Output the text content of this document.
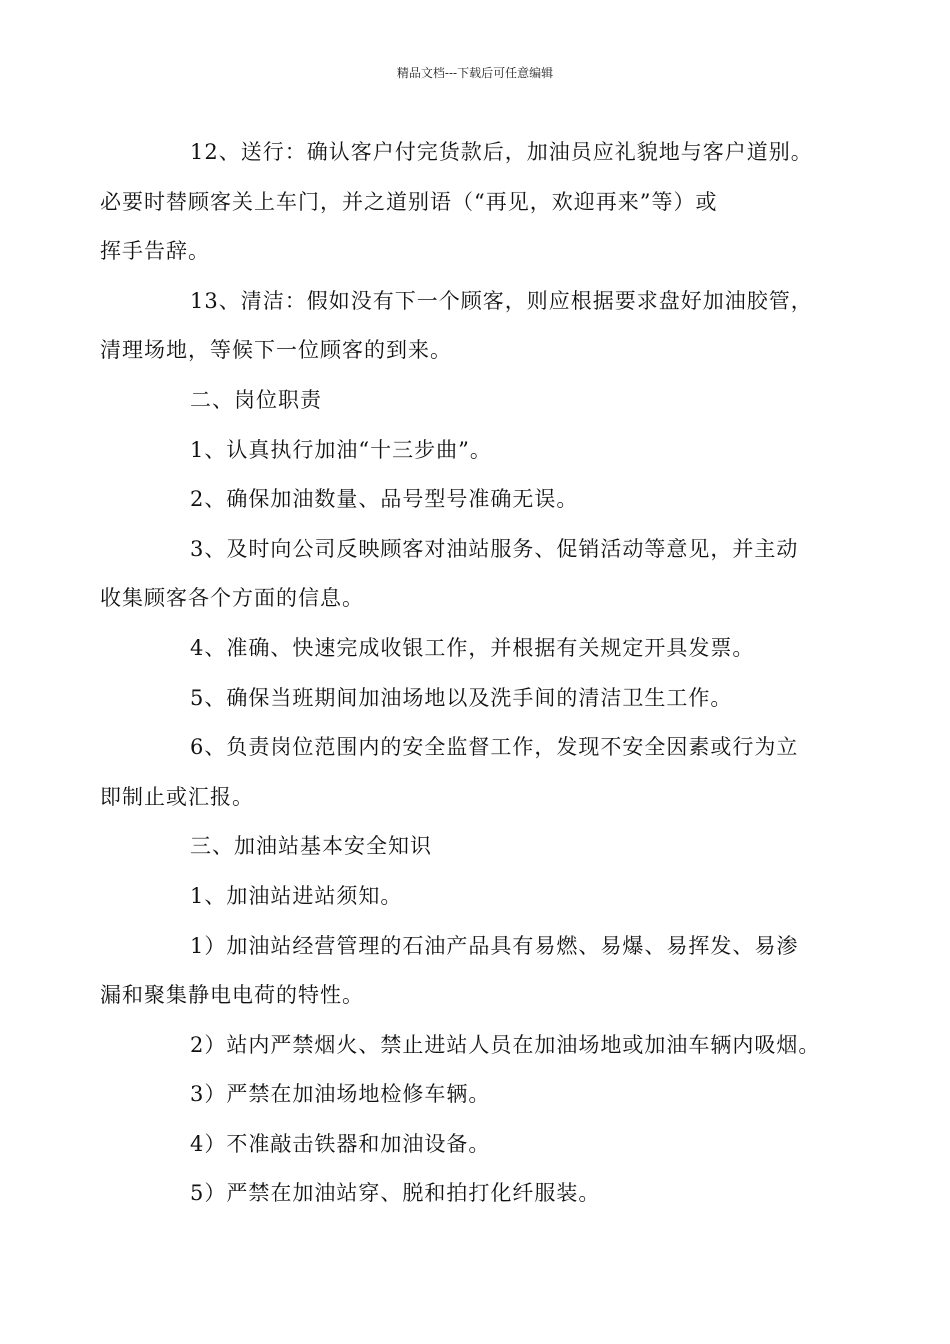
精品文档---下载后可任意编辑

12、送行：确认客户付完货款后，加油员应礼貌地与客户道别。
必要时替顾客关上车门，并之道别语（“再见，欢迎再来”等）或
挥手告辞。

13、清洁：假如没有下一个顾客，则应根据要求盘好加油胶管，
清理场地，等候下一位顾客的到来。

二、岗位职责

1、认真执行加油“十三步曲”。

2、确保加油数量、品号型号准确无误。

3、及时向公司反映顾客对油站服务、促销活动等意见，并主动
收集顾客各个方面的信息。

4、准确、快速完成收银工作，并根据有关规定开具发票。

5、确保当班期间加油场地以及洗手间的清洁卫生工作。

6、负责岗位范围内的安全监督工作，发现不安全因素或行为立
即制止或汇报。

三、加油站基本安全知识

1、加油站进站须知。

1）加油站经营管理的石油产品具有易燃、易爆、易挥发、易渗
漏和聚集静电电荷的特性。

2）站内严禁烟火、禁止进站人员在加油场地或加油车辆内吸烟。

3）严禁在加油场地检修车辆。

4）不准敲击铁器和加油设备。

5）严禁在加油站穿、脱和拍打化纤服装。
